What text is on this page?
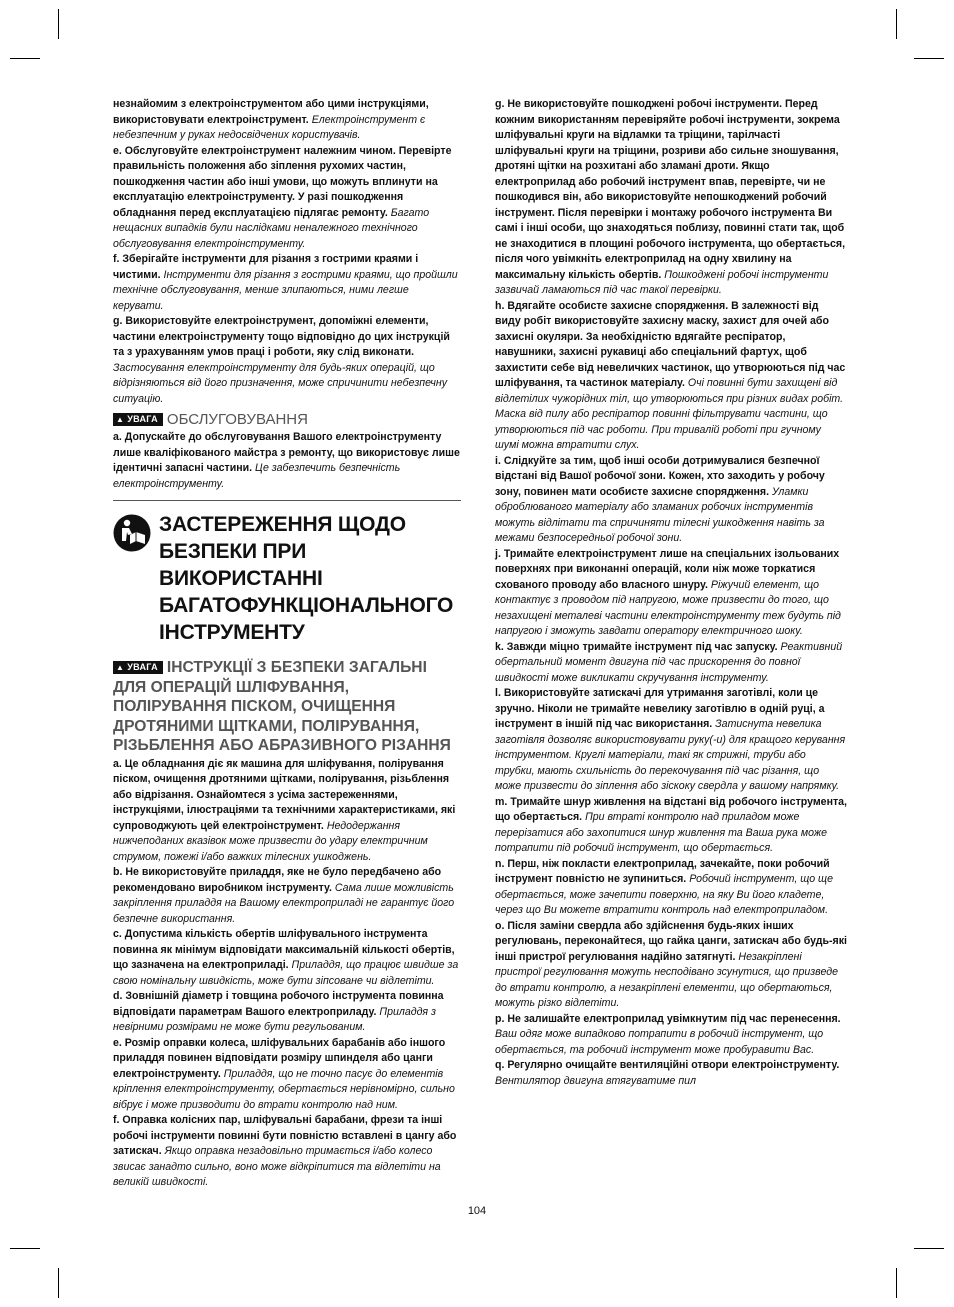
незнайомим з електроінструментом або цими інструкціями, використовувати електроінструмент. Електроінструмент є небезпечним у руках недосвідчених користувачів.

e. Обслуговуйте електроінструмент належним чином. Перевірте правильність положення або зіплення рухомих частин, пошкодження частин або інші умови, що можуть вплинути на експлуатацію електроінструменту. У разі пошкодження обладнання перед експлуатацією підлягає ремонту. Багато нещасних випадків були наслідками неналежного технічного обслуговування електроінструменту.

f. Зберігайте інструменти для різання з гострими краями і чистими. Інструменти для різання з гострими краями, що пройшли технічне обслуговування, менше злипаються, ними легше керувати.

g. Використовуйте електроінструмент, допоміжні елементи, частини електроінструменту тощо відповідно до цих інструкцій та з урахуванням умов праці і роботи, яку слід виконати. Застосування електроінструменту для будь-яких операцій, що відрізняються від його призначення, може спричинити небезпечну ситуацію.

▲ УВАГА ОБСЛУГОВУВАННЯ

a. Допускайте до обслуговування Вашого електроінструменту лише кваліфікованого майстра з ремонту, що використовує лише ідентичні запасні частини. Це забезпечить безпечність електроінструменту.

ЗАСТЕРЕЖЕННЯ ЩОДО БЕЗПЕКИ ПРИ ВИКОРИСТАННІ БАГАТОФУНКЦІОНАЛЬНОГО ІНСТРУМЕНТУ
▲ УВАГА ІНСТРУКЦІЇ З БЕЗПЕКИ ЗАГАЛЬНІ ДЛЯ ОПЕРАЦІЙ ШЛІФУВАННЯ, ПОЛІРУВАННЯ ПІСКОМ, ОЧИЩЕННЯ ДРОТЯНИМИ ЩІТКАМИ, ПОЛІРУВАННЯ, РІЗЬБЛЕННЯ АБО АБРАЗИВНОГО РІЗАННЯ

a. Це обладнання діє як машина для шліфування, полірування піском, очищення дротяними щітками, полірування, різьблення або відрізання. Ознайомтеся з усіма застереженнями, інструкціями, ілюстраціями та технічними характеристиками, які супроводжують цей електроінструмент. Недодержання нижчеподаних вказівок може призвести до удару електричним струмом, пожежі і/або важких тілесних ушкоджень.

b. Не використовуйте приладдя, яке не було передбачено або рекомендовано виробником інструменту. Сама лише можливість закріплення приладдя на Вашому електроприладі не гарантує його безпечне використання.

c. Допустима кількість обертів шліфувального інструмента повинна як мінімум відповідати максимальній кількості обертів, що зазначена на електроприладі. Приладдя, що працює швидше за свою номінальну швидкість, може бути зіпсоване чи відлетіти.

d. Зовнішній діаметр і товщина робочого інструмента повинна відповідати параметрам Вашого електроприладу. Приладдя з невірними розмірами не може бути регульованим.

e. Розмір оправки колеса, шліфувальних барабанів або іншого приладдя повинен відповідати розміру шпинделя або цанги електроінструменту. Приладдя, що не точно пасує до елементів кріплення електроінструменту, обертається нерівномірно, сильно вібрує і може призводити до втрати контролю над ним.

f. Оправка колісних пар, шліфувальні барабани, фрези та інші робочі інструменти повинні бути повністю вставлені в цангу або затискач. Якщо оправка незадовільно тримається і/або колесо звисає занадто сильно, воно може відкріпитися та відлетіти на великій швидкості.

g. Не використовуйте пошкоджені робочі інструменти. Перед кожним використанням перевіряйте робочі інструменти, зокрема шліфувальні круги на відламки та тріщини, тарілчасті шліфувальні круги на тріщини, розриви або сильне зношування, дротяні щітки на розхитані або зламані дроти. Якщо електроприлад або робочий інструмент впав, перевірте, чи не пошкодився він, або використовуйте непошкоджений робочий інструмент. Після перевірки і монтажу робочого інструмента Ви самі і інші особи, що знаходяться поблизу, повинні стати так, щоб не знаходитися в площині робочого інструмента, що обертається, після чого увімкніть електроприлад на одну хвилину на максимальну кількість обертів. Пошкоджені робочі інструменти зазвичай ламаються під час такої перевірки.

h. Вдягайте особисте захисне спорядження. В залежності від виду робіт використовуйте захисну маску, захист для очей або захисні окуляри. За необхідністю вдягайте респіратор, навушники, захисні рукавиці або спеціальний фартух, щоб захистити себе від невеличких частинок, що утворюються під час шліфування, та частинок матеріалу. Очі повинні бути захищені від відлетілих чужорідних тіл, що утворюються при різних видах робіт. Маска від пилу або респіратор повинні фільтрувати частини, що утворюються під час роботи. При тривалій роботі при гучному шумі можна втратити слух.

i. Слідкуйте за тим, щоб інші особи дотримувалися безпечної відстані від Вашої робочої зони. Кожен, хто заходить у робочу зону, повинен мати особисте захисне спорядження. Уламки оброблюваного матеріалу або зламаних робочих інструментів можуть відлітати та спричиняти тілесні ушкодження навіть за межами безпосередньої робочої зони.

j. Тримайте електроінструмент лише на спеціальних ізольованих поверхнях при виконанні операцій, коли ніж може торкатися схованого проводу або власного шнуру. Ріжучий елемент, що контактує з проводом під напругою, може призвести до того, що незахищені металеві частини електроінструменту теж будуть під напругою і зможуть завдати оператору електричного шоку.

k. Завжди міцно тримайте інструмент під час запуску. Реактивний обертальний момент двигуна під час прискорення до повної швидкості може викликати скручування інструменту.

l. Використовуйте затискачі для утримання заготівлі, коли це зручно. Ніколи не тримайте невелику заготівлю в одній руці, а інструмент в іншій під час використання. Затиснута невелика заготівля дозволяє використовувати руку(-и) для кращого керування інструментом. Круглі матеріали, такі як стрижні, труби або трубки, мають схильність до перекочування під час різання, що може призвести до зіплення або зіскоку свердла у вашому напрямку.

m. Тримайте шнур живлення на відстані від робочого інструмента, що обертається. При втраті контролю над приладом може перерізатися або захопитися шнур живлення та Ваша рука може потрапити під робочий інструмент, що обертається.

n. Перш, ніж покласти електроприлад, зачекайте, поки робочий інструмент повністю не зупиниться. Робочий інструмент, що ще обертається, може зачепити поверхню, на яку Ви його кладете, через що Ви можете втратити контроль над електроприладом.

o. Після заміни свердла або здійснення будь-яких інших регулювань, переконайтеся, що гайка цанги, затискач або будь-які інші пристрої регулювання надійно затягнуті. Незакріплені пристрої регулювання можуть несподівано зсунутися, що призведе до втрати контролю, а незакріплені елементи, що обертаються, можуть різко відлетіти.

p. Не залишайте електроприлад увімкнутим під час перенесення. Ваш одяг може випадково потрапити в робочий інструмент, що обертається, та робочий інструмент може пробуравити Вас.

q. Регулярно очищайте вентиляційні отвори електроінструменту. Вентилятор двигуна втягуватиме пил

104
